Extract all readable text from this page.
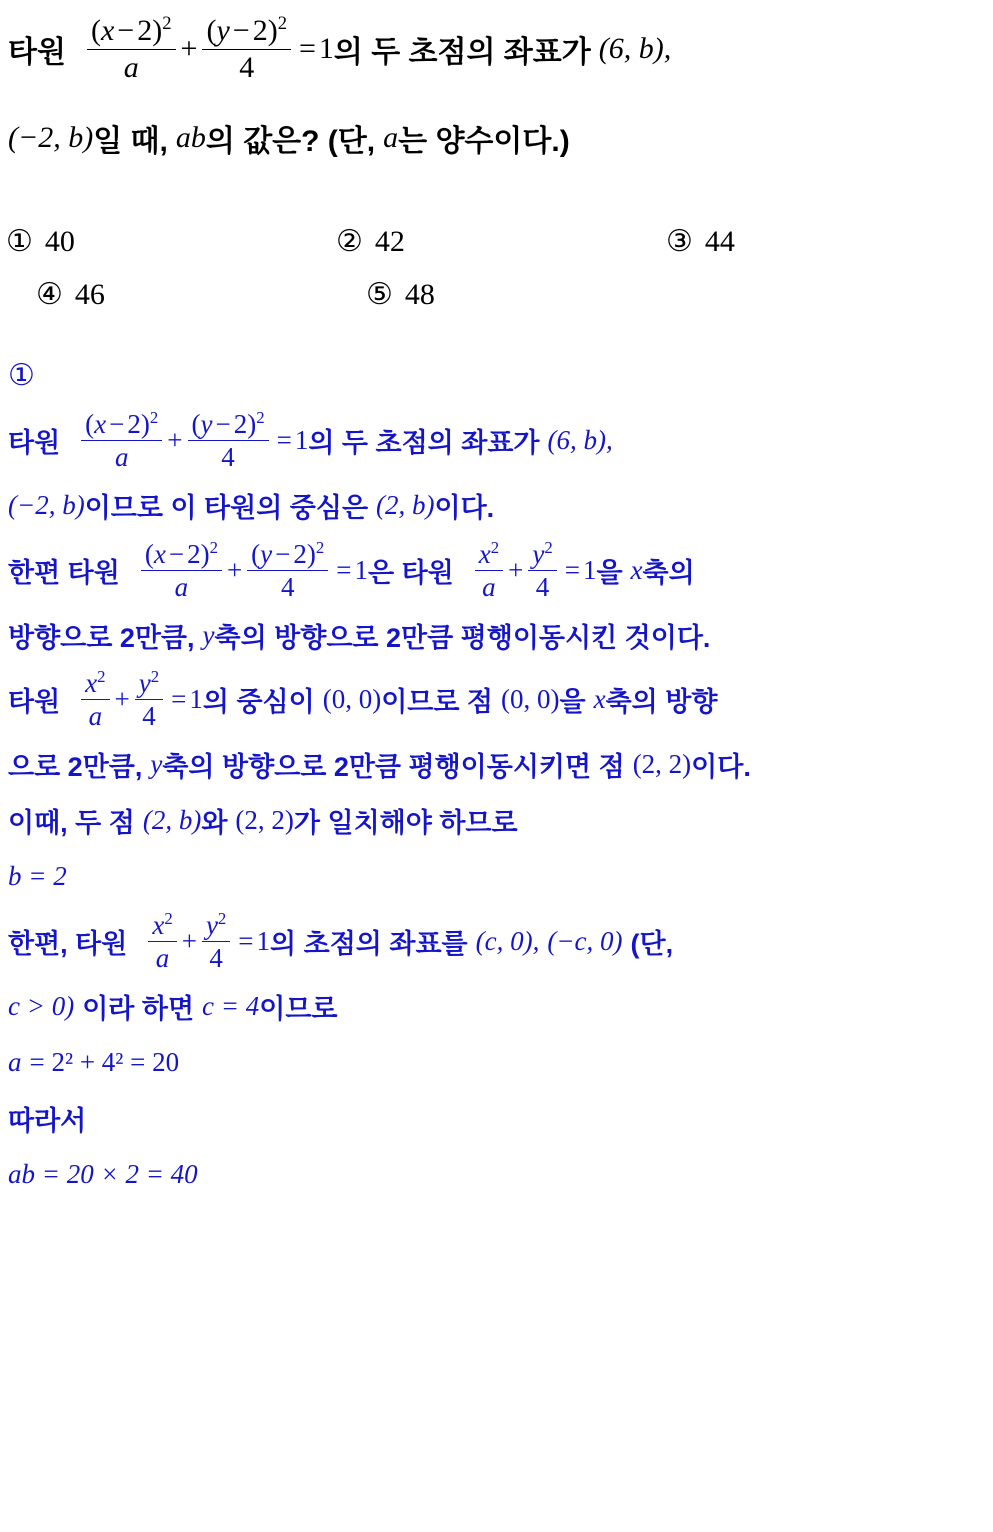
타원 $\frac{(x - 2)^2}{a} + \frac{(y - 2)^2}{4} = 1$ 의 두 초점의 좌표가 (6, b),
(−2, b) 일 때, ab 의 값은? (단, a 는 양수이다.)
① 40	② 42	③ 44
④ 46	⑤ 48
①
타원 $\frac{(x - 2)^2}{a} + \frac{(y - 2)^2}{4} = 1$ 의 두 초점의 좌표가 (6, b),
(−2, b) 이므로 이 타원의 중심은 (2, b) 이다.
한편 타원 $\frac{(x - 2)^2}{a} + \frac{(y - 2)^2}{4} = 1$ 은 타원 $\frac{x^2}{a} + \frac{y^2}{4} = 1$ 을 x 축의
방향으로 2만큼, y 축의 방향으로 2만큼 평행이동시킨 것이다.
타원 $\frac{x^2}{a} + \frac{y^2}{4} = 1$ 의 중심이 (0, 0) 이므로 점 (0, 0) 을 x 축의 방향
으로 2만큼, y 축의 방향으로 2만큼 평행이동시키면 점 (2, 2) 이다.
이때, 두 점 (2, b) 와 (2, 2) 가 일치해야 하므로
b = 2
한편, 타원 $\frac{x^2}{a} + \frac{y^2}{4} = 1$ 의 초점의 좌표를 (c, 0), (−c, 0) (단,
c > 0) 이라 하면 c = 4 이므로
a = 2² + 4² = 20
따라서
ab = 20 × 2 = 40
